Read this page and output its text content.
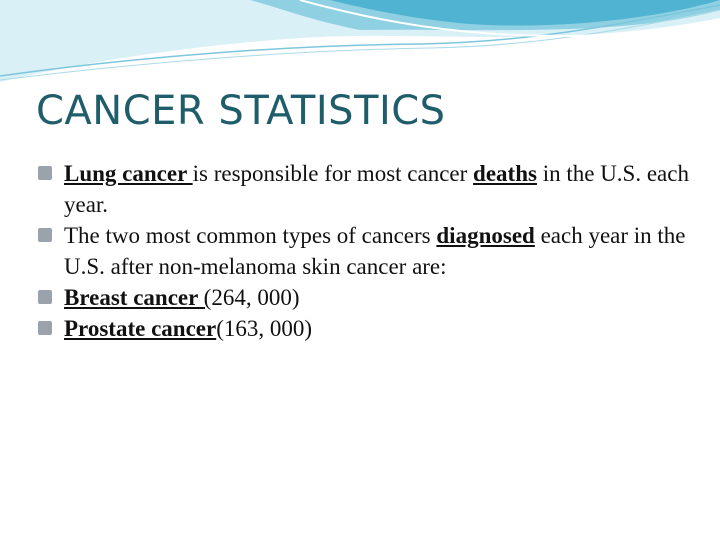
CANCER STATISTICS
Lung cancer is responsible for most cancer deaths in the U.S. each year.
The two most common types of cancers diagnosed each year in the U.S. after non-melanoma skin cancer are:
Breast cancer (264, 000)
Prostate cancer(163, 000)
